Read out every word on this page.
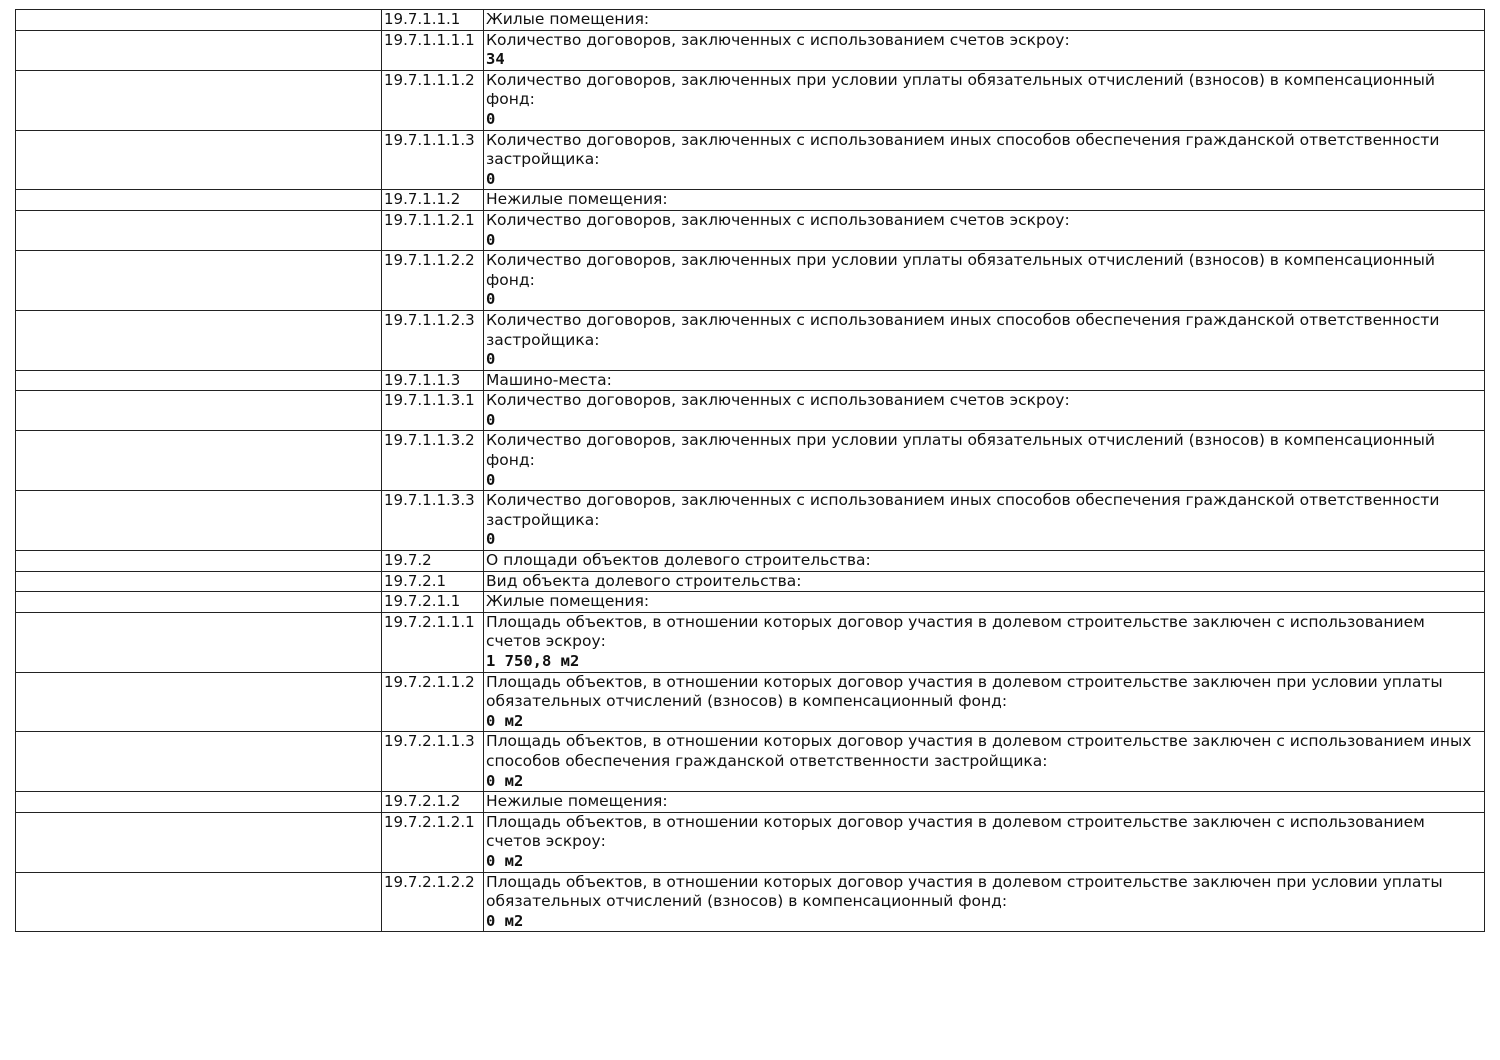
	19.7.1.1.1	Жилые помещения:

	19.7.1.1.1.1	Количество договоров, заключенных с использованием счетов эскроу:
34

	19.7.1.1.1.2	Количество договоров, заключенных при условии уплаты обязательных отчислений (взносов) в компенсационный фонд:
0

	19.7.1.1.1.3	Количество договоров, заключенных с использованием иных способов обеспечения гражданской ответственности застройщика:
0

	19.7.1.1.2	Нежилые помещения:

	19.7.1.1.2.1	Количество договоров, заключенных с использованием счетов эскроу:
0

	19.7.1.1.2.2	Количество договоров, заключенных при условии уплаты обязательных отчислений (взносов) в компенсационный фонд:
0

	19.7.1.1.2.3	Количество договоров, заключенных с использованием иных способов обеспечения гражданской ответственности застройщика:
0

	19.7.1.1.3	Машино-места:

	19.7.1.1.3.1	Количество договоров, заключенных с использованием счетов эскроу:
0

	19.7.1.1.3.2	Количество договоров, заключенных при условии уплаты обязательных отчислений (взносов) в компенсационный фонд:
0

	19.7.1.1.3.3	Количество договоров, заключенных с использованием иных способов обеспечения гражданской ответственности застройщика:
0

	19.7.2	О площади объектов долевого строительства:

	19.7.2.1	Вид объекта долевого строительства:

	19.7.2.1.1	Жилые помещения:

	19.7.2.1.1.1	Площадь объектов, в отношении которых договор участия в долевом строительстве заключен с использованием счетов эскроу:
1 750,8 м2

	19.7.2.1.1.2	Площадь объектов, в отношении которых договор участия в долевом строительстве заключен при условии уплаты обязательных отчислений (взносов) в компенсационный фонд:
0 м2

	19.7.2.1.1.3	Площадь объектов, в отношении которых договор участия в долевом строительстве заключен с использованием иных способов обеспечения гражданской ответственности застройщика:
0 м2

	19.7.2.1.2	Нежилые помещения:

	19.7.2.1.2.1	Площадь объектов, в отношении которых договор участия в долевом строительстве заключен с использованием счетов эскроу:
0 м2

	19.7.2.1.2.2	Площадь объектов, в отношении которых договор участия в долевом строительстве заключен при условии уплаты обязательных отчислений (взносов) в компенсационный фонд:
0 м2
